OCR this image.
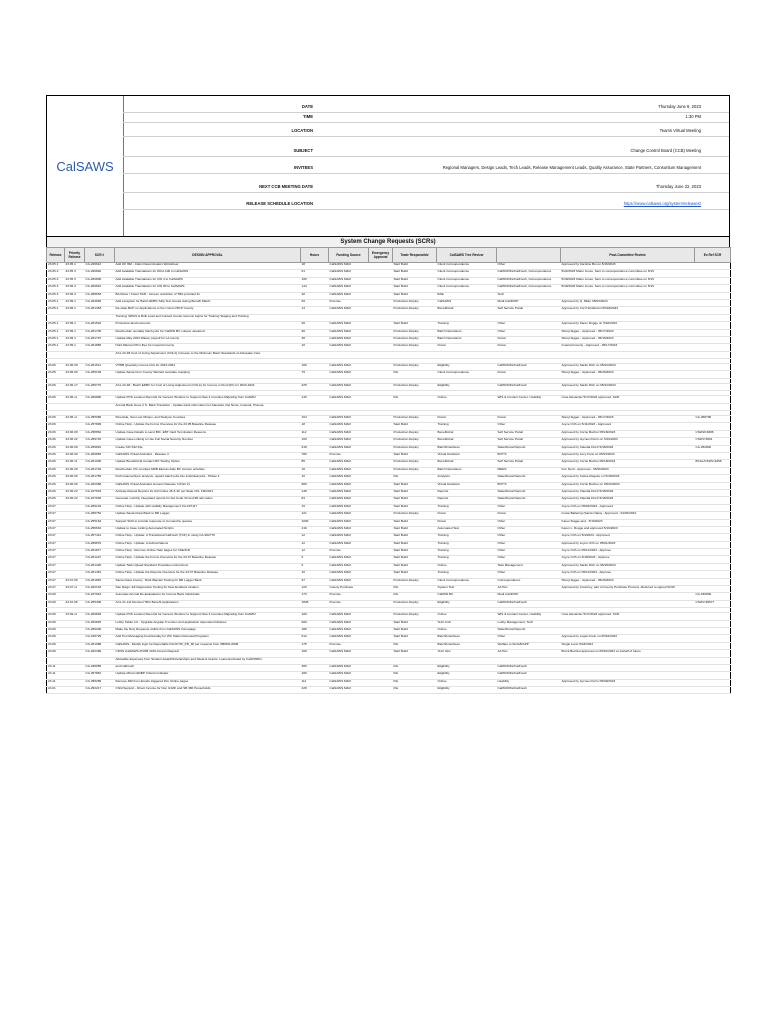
CalSAWS
DATE	Thursday June 8, 2023
TIME	1:30 PM
LOCATION	Teams Virtual Meeting
SUBJECT	Change Control Board (CCB) Meeting
INVITEES	Regional Managers, Design Leads, Tech Leads, Release Management Leads, Quality Assurance, State Partners, Consortium Management
NEXT CCB MEETING DATE	Thursday June 22, 2023
RELEASE SCHEDULE LOCATION	https://www.calsaws.org/system/releases/
System Change Requests (SCRs)
Release	Priority Release	SCR #	DESIGN APPROVAL	Hours	Funding Source	Emergency Approval	Trade Responsible	CalSAWS Tree Review		Post-Committee Review	Ex Ref SCR
23.05.1	23.05.1	CA-226612	Add CF 362 - Claim Determination Worksheet	18	CalSAWS M&O		Start Build	Client Correspondence	Other	Approved by Caroline Bui on 5/16/2023	
23.05.3	23.05.3	CA-260802	Add Available Translations for WCA 100 to CalSAWS	61	CalSAWS M&O		Start Build	Client Correspondence	CalWORKs/CalFresh, Correspondence	5/22/2023 Mario Jones, Sent to correspondence committee on 5/19	
23.05.3	23.05.3	CA-260806	Add Available Translations for CW 4 to CalSAWS	165	CalSAWS M&O		Start Build	Client Correspondence	CalWORKs/CalFresh, Correspondence	5/18/2023 Mario Jones, Sent to correspondence committee on 5/19	
23.05.3	23.05.3	CA-260810	Add Available Translations for CW 80 to CalSAWS	144	CalSAWS M&O		Start Build	Client Correspondence	CalWORKs/CalFresh, Correspondence	5/18/2023 Mario Jones, Sent to correspondence committee on 5/19	
23.05.3	23.05.3	CA-258653	BA Roles / Cloud SCR - Access restriction of TBA provided fix	40	CalSAWS M&O		Start Build	BAE	Tech		
23.05.1	23.05.1	CA-263669	Add exception for Batch EDBC Skip Text Issued during Benefit Match	69	Premise		Production Deploy	CalSAWS	Medi-Cal/DOIP	Approved by Q. Miller 05/03/2023	
23.05.1	23.05.1	CA-261453	Re-state BCP on Applications to the Correct BCP County	13	CalSAWS M&O		Production Deploy	BenefitsCal	Self Service Portal	Approved by Curt Heldebrant 05/18/2023	
			Training: WPAS & Bulk Load and Contact Center Generic logins for Training Staging and Training								
23.05.1	23.05.1	CA-261522	Production Environments	25	CalSAWS M&O		Start Build	Training	Other	Approved by Karen Rogge on 5/18/2023	
23.05.1	23.05.1	CA-261700	Reschedule nondaily batch jobs for CalWIN BC cutover weekend	36	CalSAWS M&O		Production Deploy	Batch Operations	Other	Sheryl Egger - Approved - 05/17/2023	
23.05.1	23.05.1	CA-261797	Update May 2023 Waiver payroll for LA county	38	CalSAWS M&O		Production Deploy	Batch Operations	Fiscal	Sheryl Egger - Approved - 05/16/2023	
23.05.1	23.05.1	CA-261856	Hold Warrant Print files for Imperial County	10	CalSAWS M&O		Production Deploy	Fiscal	Fiscal	Imperial County - Approved - 05/17/2023	
			ACL 23-48 Cost of Living Adjustment (COLA) Increase to the Minimum Basic Standards of Adequate Care								

23.06	23.06.00	CA-261511	VHNB Quarterly income limit for 2023-2024	106	CalSAWS M&O		Production Deploy	Eligibility	CalWORKs/CalFresh	Approved by Sarah Rich on 05/22/2023	
23.05	23.05.00	CA-265139	Update Santa Cruz County Warrant template mapping	79	CalSAWS M&O		Rts	Client Correspondence	Fiscal	Sheryl Egger - Approved - 05/26/2023	

23.06	23.06.17	CA-265770	ACL 23-48 - Batch EDBC for Cost of Living Adjustment (COLA) for Income in Kind (IIK) for 2023-2024	225	CalSAWS M&O		Production Deploy	Eligibility	CalWORKs/CalFresh	Approved by Sarah Rich on 05/22/2023	

23.06	23.06.xx	CA-260890	Update POS Lookout Records for Generic Workers to Support New 4 Counties Migrating from CalWIN	140	CalSAWS M&O		Rts	Online	WIS & Contact Center, Usability	Uma Alexander 5/17/2023 approved, SCR	
			Annual Bank Issue (I.S. Bank Transition - Update bank information for Alameda, Del Norte, Imperial, Plumas,								

23.06	23.06.xx	CA-255086	Riverside, San Luis Obispo, and Siskiyou Counties	164	CalSAWS M&O		Production Deploy	Fiscal	Fiscal	Sheryl Egger - Approved - 05/17/2023	CA-258796
23.06		CA-257809	Online Help - Update the Forms Overview for the 23.05 Baseline Release	18	CalSAWS M&O		Start Build	Training	Other	Joyce Orth on 5/11/2023 - Approved	
23.06	23.06.00	CA-258862	Update Case Details to send BIC, EBT Card Termination Reasons	112	CalSAWS M&O		Production Deploy	BenefitsCal	Self Service Portal	Approved by Corrie Bucher 05/18/2023	CSWW-6086
23.06	23.06.22	CA-259722	Update Case Linking to Use Full Social Security Number	109	CalSAWS M&O		Production Deploy	BenefitsCal	Self Service Portal	Approved by Gyrnes Perrin on 5/16/2023	CSWV-5661
23.06	23.06.00	CA-259891	Create SIC 542 File	918	CalSAWS M&O		Production Deploy	Batch/Interfaces	State/Fiscal Reports	Approved by Claudia Finch 5/18/2023	CA-252802
23.06	23.06.00	CA-260883	CalSAWS Virtual Assistant - Release II	786	Premise		Start Build	Virtual Assistant	BOT'S	Approved by Lucy Frew on 05/23/2023	
23.06	23.06.11	CA-261090	Update BenefitsCal Contact API Testing Option	85	CalSAWS M&O		Production Deploy	BenefitsCal	Self Service Portal	Approved by Corrie Bucher 05/18/2023	BCAL/CSWV-6458
23.06	23.06.29	CA-261740	Reschedule CIV counties MDB Ekeran daily BC cutover activities	16	CalSAWS M&O		Production Deploy	Batch Operations	MEDS	Ken Nord - Approved - 05/26/2023	
23.06	23.06.00	CA-261756	Performance/Sync analysis, repairs batch jobs into individual jobs - Phase 3	10	CalSAWS M&O		Rts	Analytics	State/Fiscal Reports	Approved by Celica Ziegeler on 5/30/2023	
23.06	23.06.00	CA-262058	CalSAWS Virtual Assistant Generic Release II (Part 2)	580	CalSAWS M&O		Start Build	Virtual Assistant	BOT'S	Approved by Corrie Bucher on 05/22/2023	
23.06	23.06.22	CA-227643	Activate Repeal Reports for Aid Codes 45 & 4F per State CFL 19F2021	148	CalSAWS M&O		Start Build	Reports	State/Fiscal Reports	Approved by Claudia Finch 5/18/2023	
23.06	23.06.22	CA-227648	Generate monthly Integrated reports for Aid Code 34 and 6R aid codes	84	CalSAWS M&O		Start Build	Reports	State/Fiscal Reports	Approved by Claudia Finch 5/18/2023	
23.07		CA-256149	Online Help - Update with Liability Management CA-207117	19	CalSAWS M&O		Start Build	Training	Other	Joyce Orth on 05/02/2023 - Approved	
23.07		CA-258752	Update Santa Clara Bank to BR Logger	121	CalSAWS M&O		Production Deploy	Fiscal	Fiscal	Inesia Ballering (Santa Clara) - Approved - 04/26/2023	
23.07		CA-255164	Support SCR to provide response to Comanche queries	1000	CalSAWS M&O		Start Build	Fiscal	Other	Karen Rogge-and - 5/16/2023	
23.07		CA-256632	Update to Case Linking Automated Scripts	216	CalSAWS M&O		Start Build	Automated Test	Other	Karen L. Rogge and approved 5/10/2023	
23.07		CA-257414	Online Help - Update: A Transitional CalFresh (TCF) in using CA-202770	12	CalSAWS M&O		Start Build	Training	Other	Joyce Orth on 5/4/2023 - Approved	
23.07		CA-258879	Online Help - Update: A Authorizations	12	CalSAWS M&O		Start Build	Training	Other	Approved by Joyce Orth on 05/01/2023	
23.07		CA-261157	Online Help - Remove Online Help pages for CSE/ICD	12	Premise		Start Build	Training	Other	Joyce Orth on 05/11/2023 - Approve	
23.07		CA-261227	Online Help - Update the Forms Overview for the 23.07 Baseline Release	6	CalSAWS M&O		Start Build	Training	Other	Joyce Orth on 5/18/2023 - Approve	
23.07		CA-261426	Update Task Upload Standard Templates instructions	6	CalSAWS M&O		Start Build	Online	Task Management	Approved by Sarah Rich on 05/18/2023	
23.07		CA-261451	Online Help - Update the Reports Overview for the 23.07 Baseline Release	10	CalSAWS M&O		Start Build	Training	Other	Joyce Orth on 05/11/2023 - Approve	
23.07	23.07.00	CA-261854	Santa Clara County - Bulk Warrant Testing for BR Logger Bank	37	CalSAWS M&O		Production Deploy	Client Correspondence	Correspondence	Sheryl Egger - Approved - 05/26/2023	
23.07	23.07.xx	CA-262163	San Diego: EF Regression Testing for New Enddevit location	120	County Purchase		Rts	System Test	Ad Hoc	Approved by Courtney, part of County Purchase Process -Referred to signed SOW	
23.09		CA-237943	Automate Annual Re-Evaluations for Income Back Individuals	173	Premise		Rts	CalWIN BC	Medi-Cal/DOIP		CA-180839
23.09	23.10.06	CA-255409	ACL 21-111 Revised TRG Benefit Applications	1828	Premise		Production Deploy	Eligibility	CalWORKs/CalFresh		CSWV-95677

23.09	23.09.xx	CA-260894	Update POS Lookout Records for Generic Workers to Support New 4 Counties Migrating from CalWIN	100	CalSAWS M&O		Production Deploy	Online	WIS & Contact Center, Usability	Uma Alexander 5/17/2023 approved, SCR	
23.09		CA-252845	Lobby Tablet 2.0 - Upgrade Angular 6 version and application dependent libraries	600	CalSAWS M&O		Start Build	Tech Arch	Lobby Management, Tech		
23.09		CA-256230	Make the Rely Requests visible from CalSAWS homepage	186	CalSAWS M&O		Start Build	Online	State/Fiscal Reports		
23.09		CA-168725	Add Text Messaging Functionality for WC Status Renewal Programs	512	CalSAWS M&O		Start Build	Batch/Interfaces	Other	Approved by Logan Frein on 05/16/2023	
23.09		CA-261088	CalSAWS - Modify logic for Reportable DLOCTW_PR_MI per requests from SBRPA-0838	175	Premise		Rts	Batch/Interfaces	Welfare to Work/RAPP	Single Lucio 5/18/2023	
23.09		CA-262499	CDSS CalSAWS-FNOB 1019 Access Request	168	CalSAWS M&O		Start Build	Tech Ops	Ad Hoc	Brock Bechtol approved on 05/22/2023 on behalf of future	
			Allowable Expenses from Student Award/Scholarships and Student Grants, Loans Excluded by CalWORKs								
23.11		CA-228955	and CalFresh	465	CalSAWS M&O		Rts	Eligibility	CalWORKs/CalFresh		
23.11		CA-257881	Update Minors EDBP Criteria Indicator	180	CalSAWS M&O		Rts	Eligibility	CalWORKs/CalFresh		
23.11		CA-258289	Remove MR from Emails triggered thru Online pages	111	CalSAWS M&O		Rts	Online	Usability	Approved by Gyrnes Perrin 05/09/2023	
24.01		CA-252217	Child Support - Direct Income for Non ILS/IF and SB 380 Households	228	CalSAWS M&O		Rts	Eligibility	CalWORKs/CalFresh		
